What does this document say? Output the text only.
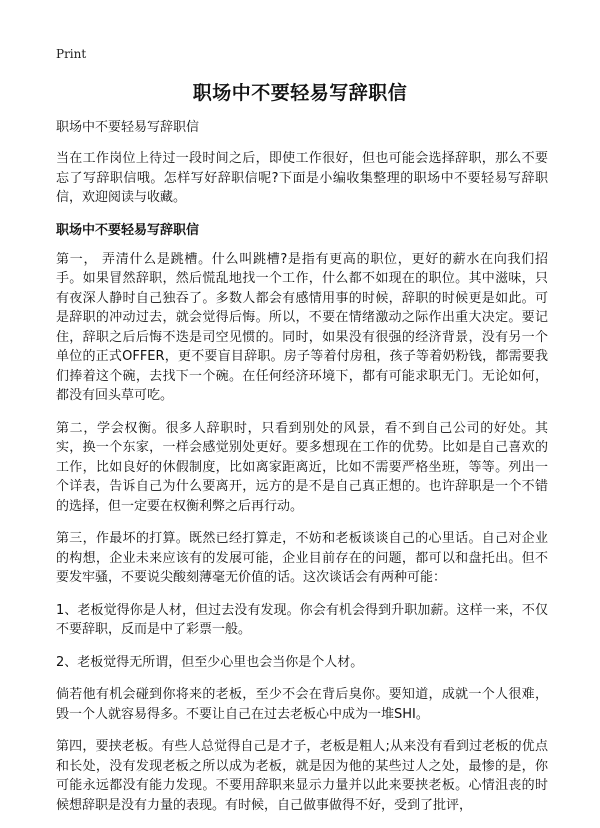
Print
职场中不要轻易写辞职信

职场中不要轻易写辞职信

当在工作岗位上待过一段时间之后，即使工作很好，但也可能会选择辞职，那么不要忘了写辞职信哦。怎样写好辞职信呢?下面是小编收集整理的职场中不要轻易写辞职信，欢迎阅读与收藏。

职场中不要轻易写辞职信

第一， 弄清什么是跳槽。什么叫跳槽?是指有更高的职位，更好的薪水在向我们招手。如果冒然辞职，然后慌乱地找一个工作，什么都不如现在的职位。其中滋味，只有夜深人静时自己独吞了。多数人都会有感情用事的时候，辞职的时候更是如此。可是辞职的冲动过去，就会觉得后悔。所以，不要在情绪激动之际作出重大决定。要记住，辞职之后后悔不迭是司空见惯的。同时，如果没有很强的经济背景，没有另一个单位的正式OFFER，更不要盲目辞职。房子等着付房租，孩子等着奶粉钱，都需要我们捧着这个碗，去找下一个碗。在任何经济环境下，都有可能求职无门。无论如何，都没有回头草可吃。

第二，学会权衡。很多人辞职时，只看到别处的风景，看不到自己公司的好处。其实，换一个东家，一样会感觉别处更好。要多想现在工作的优势。比如是自己喜欢的工作，比如良好的休假制度，比如离家距离近，比如不需要严格坐班，等等。列出一个详表，告诉自己为什么要离开，远方的是不是自己真正想的。也许辞职是一个不错的选择，但一定要在权衡利弊之后再行动。

第三，作最坏的打算。既然已经打算走，不妨和老板谈谈自己的心里话。自己对企业的构想，企业未来应该有的发展可能，企业目前存在的问题，都可以和盘托出。但不要发牢骚，不要说尖酸刻薄毫无价值的话。这次谈话会有两种可能：

1、老板觉得你是人材，但过去没有发现。你会有机会得到升职加薪。这样一来，不仅不要辞职，反而是中了彩票一般。

2、老板觉得无所谓，但至少心里也会当你是个人材。

倘若他有机会碰到你将来的老板，至少不会在背后臭你。要知道，成就一个人很难，毁一个人就容易得多。不要让自己在过去老板心中成为一堆SHI。

第四，要挟老板。有些人总觉得自己是才子，老板是粗人;从来没有看到过老板的优点和长处，没有发现老板之所以成为老板，就是因为他的某些过人之处，最惨的是，你可能永远都没有能力发现。不要用辞职来显示力量并以此来要挟老板。心情沮丧的时候想辞职是没有力量的表现。有时候，自己做事做得不好，受到了批评，
